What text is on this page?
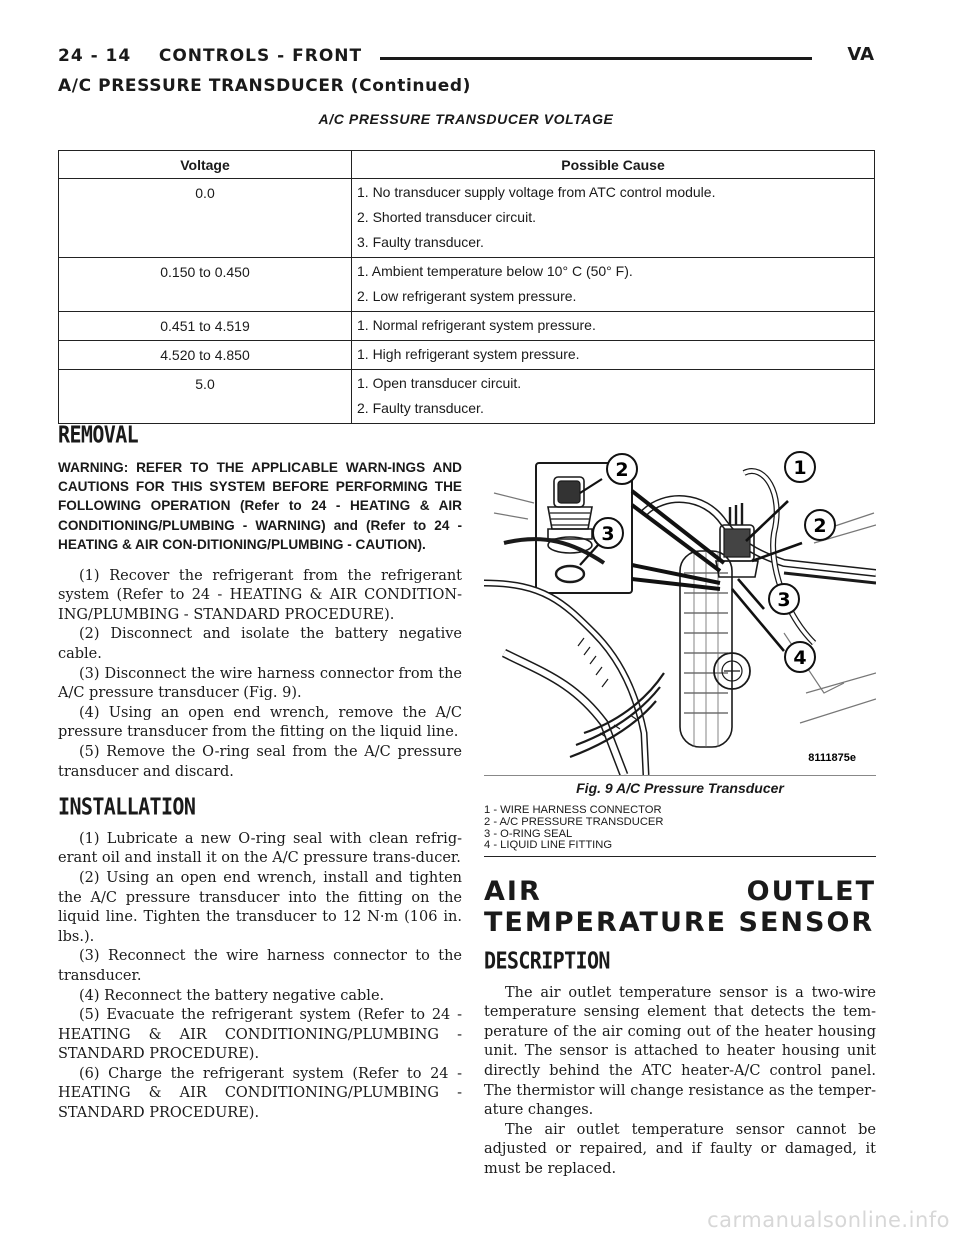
24 - 14    CONTROLS - FRONT	VA
A/C PRESSURE TRANSDUCER (Continued)
A/C PRESSURE TRANSDUCER VOLTAGE
Voltage	Possible Cause
0.0	1. No transducer supply voltage from ATC control module.
2. Shorted transducer circuit.
3. Faulty transducer.

0.150 to 0.450	1. Ambient temperature below 10° C (50° F).
2. Low refrigerant system pressure.

0.451 to 4.519	1. Normal refrigerant system pressure.

4.520 to 4.850	1. High refrigerant system pressure.

5.0	1. Open transducer circuit.
2. Faulty transducer.
REMOVAL
WARNING: REFER TO THE APPLICABLE WARN-INGS AND CAUTIONS FOR THIS SYSTEM BEFORE PERFORMING THE FOLLOWING OPERATION (Refer to 24 - HEATING & AIR CONDITIONING/PLUMBING - WARNING) and (Refer to 24 - HEATING & AIR CON-DITIONING/PLUMBING - CAUTION).

(1) Recover the refrigerant from the refrigerant system (Refer to 24 - HEATING & AIR CONDITION-ING/PLUMBING - STANDARD PROCEDURE).

(2) Disconnect and isolate the battery negative cable.

(3) Disconnect the wire harness connector from the A/C pressure transducer (Fig. 9).

(4) Using an open end wrench, remove the A/C pressure transducer from the fitting on the liquid line.

(5) Remove the O-ring seal from the A/C pressure transducer and discard.

INSTALLATION

(1) Lubricate a new O-ring seal with clean refrig-erant oil and install it on the A/C pressure trans-ducer.

(2) Using an open end wrench, install and tighten the A/C pressure transducer into the fitting on the liquid line. Tighten the transducer to 12 N·m (106 in. lbs.).

(3) Reconnect the wire harness connector to the transducer.

(4) Reconnect the battery negative cable.

(5) Evacuate the refrigerant system (Refer to 24 - HEATING & AIR CONDITIONING/PLUMBING - STANDARD PROCEDURE).

(6) Charge the refrigerant system (Refer to 24 - HEATING & AIR CONDITIONING/PLUMBING - STANDARD PROCEDURE).

2
3
1
2
3
4
8111875e
Fig. 9 A/C Pressure Transducer
1 - WIRE HARNESS CONNECTOR
2 - A/C PRESSURE TRANSDUCER
3 - O-RING SEAL
4 - LIQUID LINE FITTING
AIR OUTLET TEMPERATURE SENSOR
DESCRIPTION

The air outlet temperature sensor is a two-wire temperature sensing element that detects the tem-perature of the air coming out of the heater housing unit. The sensor is attached to heater housing unit directly behind the ATC heater-A/C control panel. The thermistor will change resistance as the temper-ature changes.

The air outlet temperature sensor cannot be adjusted or repaired, and if faulty or damaged, it must be replaced.

carmanualsonline.info
